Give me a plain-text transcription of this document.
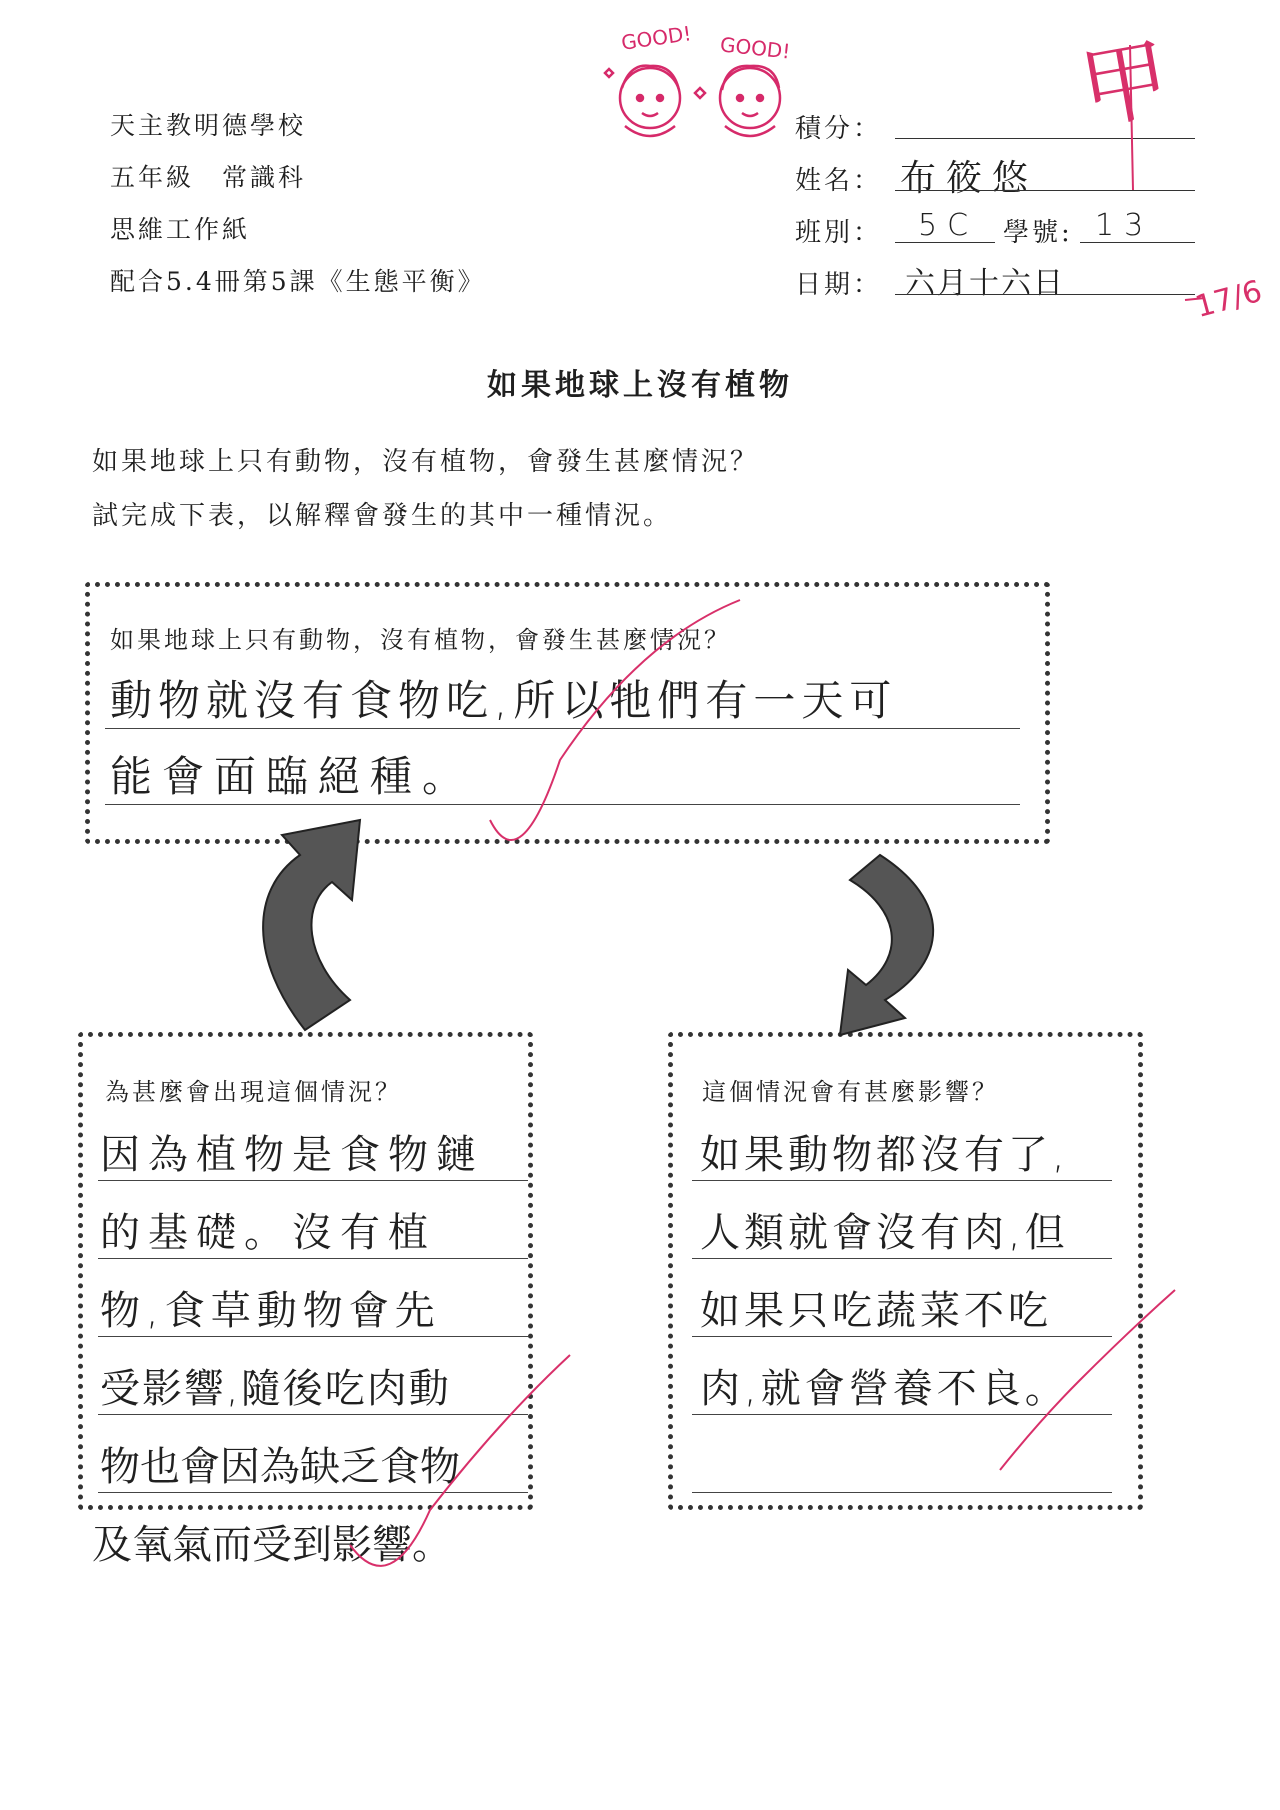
天主教明德學校
五年級　常識科
思維工作紙
配合5.4冊第5課《生態平衡》
GOOD! GOOD!
積分：
姓名： 布筱悠
班別： 5C 學號: 13
日期： 六月十六日
甲
17/6
如果地球上沒有植物
如果地球上只有動物，沒有植物，會發生甚麼情況？
試完成下表，以解釋會發生的其中一種情況。
如果地球上只有動物，沒有植物，會發生甚麼情況？
動物就沒有食物吃,所以牠們有一天可
能會面臨絕種。
為甚麼會出現這個情況？
因為植物是食物鏈
的基礎。沒有植
物,食草動物會先
受影響,隨後吃肉動
物也會因為缺乏食物
及氧氣而受到影響。
這個情況會有甚麼影響？
如果動物都沒有了,
人類就會沒有肉,但
如果只吃蔬菜不吃
肉,就會營養不良。
